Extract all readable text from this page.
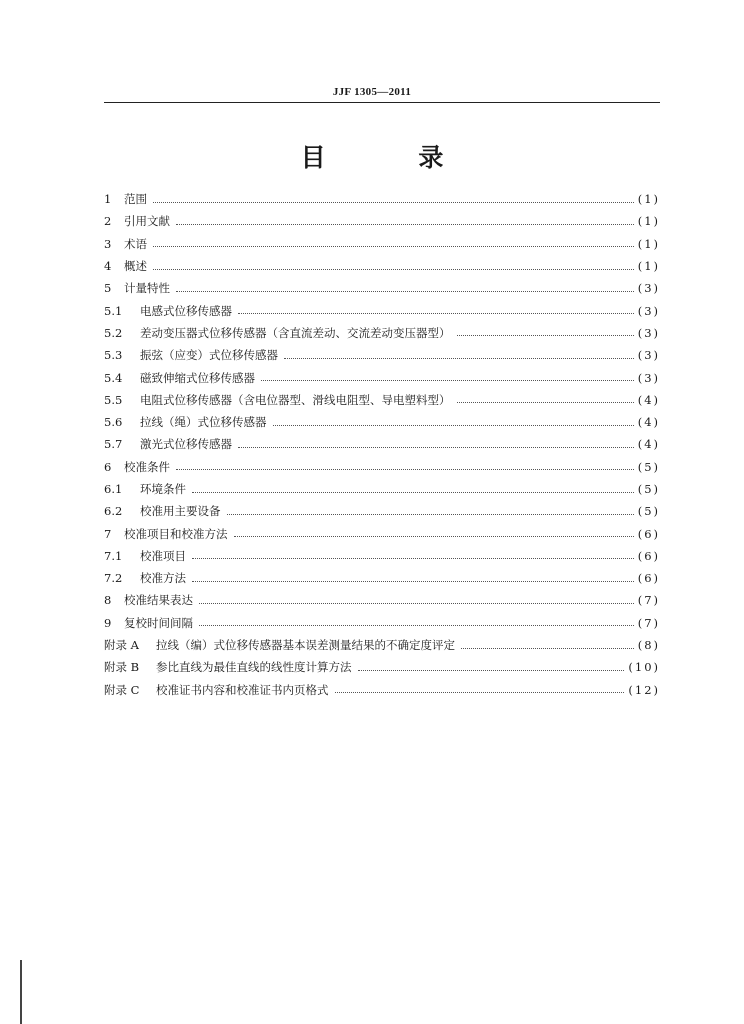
JJF 1305—2011
目 录
1	范围	(1)
2	引用文献	(1)
3	术语	(1)
4	概述	(1)
5	计量特性	(3)
5.1	电感式位移传感器	(3)
5.2	差动变压器式位移传感器（含直流差动、交流差动变压器型）	(3)
5.3	振弦（应变）式位移传感器	(3)
5.4	磁致伸缩式位移传感器	(3)
5.5	电阻式位移传感器（含电位器型、滑线电阻型、导电塑料型）	(4)
5.6	拉线（绳）式位移传感器	(4)
5.7	激光式位移传感器	(4)
6	校准条件	(5)
6.1	环境条件	(5)
6.2	校准用主要设备	(5)
7	校准项目和校准方法	(6)
7.1	校准项目	(6)
7.2	校准方法	(6)
8	校准结果表达	(7)
9	复校时间间隔	(7)
附录 A	拉线（编）式位移传感器基本误差测量结果的不确定度评定	(8)
附录 B	参比直线为最佳直线的线性度计算方法	(10)
附录 C	校准证书内容和校准证书内页格式	(12)
